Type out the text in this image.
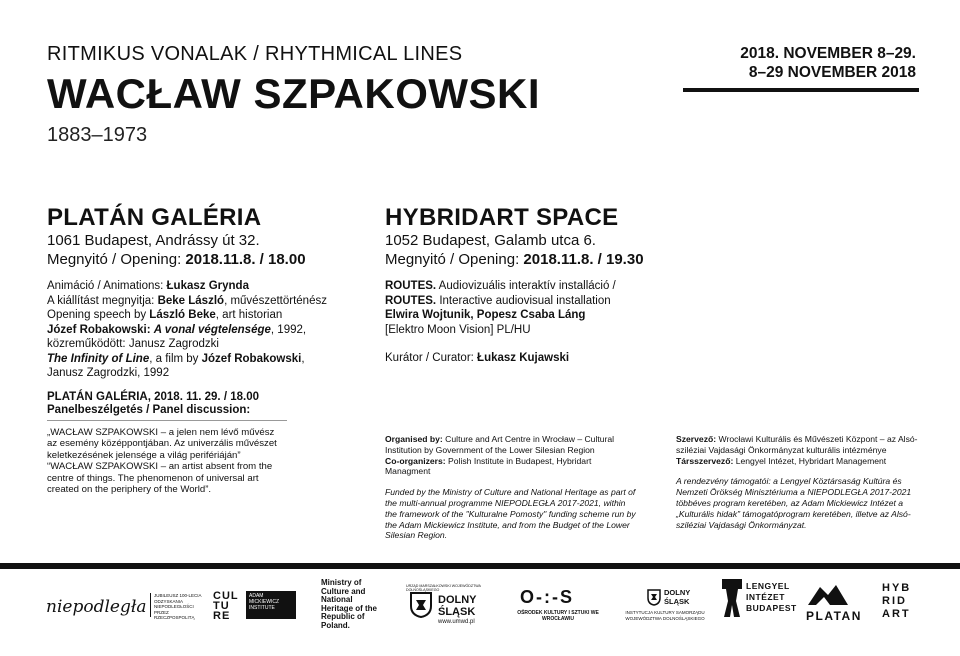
RITMIKUS VONALAK / RHYTHMICAL LINES
WACŁAW SZPAKOWSKI
1883–1973
2018. NOVEMBER 8–29.
8–29 NOVEMBER 2018
PLATÁN GALÉRIA
1061 Budapest, Andrássy út 32.
Megnyitó / Opening: 2018.11.8. / 18.00
Animáció / Animations: Łukasz Grynda
A kiállítást megnyitja: Beke László, művészettörténész
Opening speech by László Beke, art historian
Józef Robakowski: A vonal végtelensége, 1992,
közreműködött: Janusz Zagrodzki
The Infinity of Line, a film by Józef Robakowski,
Janusz Zagrodzki, 1992
PLATÁN GALÉRIA, 2018. 11. 29. / 18.00
Panelbeszélgetés / Panel discussion:
„WACŁAW SZPAKOWSKI – a jelen nem lévő művész az esemény középpontjában. Az univerzális művészet keletkezésének jelensége a világ perifériáján”
“WACŁAW SZPAKOWSKI – an artist absent from the centre of things. The phenomenon of universal art created on the periphery of the World”.
HYBRIDART SPACE
1052 Budapest, Galamb utca 6.
Megnyitó / Opening: 2018.11.8. / 19.30
ROUTES. Audiovizuális interaktív installáció /
ROUTES. Interactive audiovisual installation
Elwira Wojtunik, Popesz Csaba Láng
[Elektro Moon Vision] PL/HU
Kurátor / Curator: Łukasz Kujawski
Organised by: Culture and Art Centre in Wrocław – Cultural Institution by Government of the Lower Silesian Region
Co-organizers: Polish Institute in Budapest, Hybridart Managment
Funded by the Ministry of Culture and National Heritage as part of the multi-annual programme NIEPODLEGŁA 2017-2021, within the framework of the "Kulturalne Pomosty" funding scheme run by the Adam Mickiewicz Institute, and from the Budget of the Lower Silesian Region.
Szervező: Wrocławi Kulturális és Művészeti Központ – az Alsó-sziléziai Vajdasági Önkormányzat kulturális intézménye
Társszervező: Lengyel Intézet, Hybridart Management
A rendezvény támogatói: a Lengyel Köztársaság Kultúra és Nemzeti Örökség Minisztériuma a NIEPODLEGŁA 2017-2021 többéves program keretében, az Adam Mickiewicz Intézet a „Kulturális hidak” támogatóprogram keretében, illetve az Alsó-sziléziai Vajdasági Önkormányzat.
niepodległa
JUBILEUSZ 100-LECIA ODZYSKANIA NIEPODLEGŁOŚCI PRZEZ RZECZPOSPOLITĄ
CUL TU RE
ADAM MICKIEWICZ INSTITUTE
Ministry of Culture and National Heritage of the Republic of Poland.
URZĄD MARSZAŁKOWSKI WOJEWÓDZTWA DOLNOŚLĄSKIEGO
DOLNY ŚLĄSK
www.umwd.pl
O-:-S
OŚRODEK KULTURY I SZTUKI WE WROCŁAWIU
DOLNY ŚLĄSK
INSTYTUCJA KULTURY SAMORZĄDU WOJEWÓDZTWA DOLNOŚLĄSKIEGO
LENGYEL INTÉZET BUDAPEST
PLATAN
HYB RID ART
